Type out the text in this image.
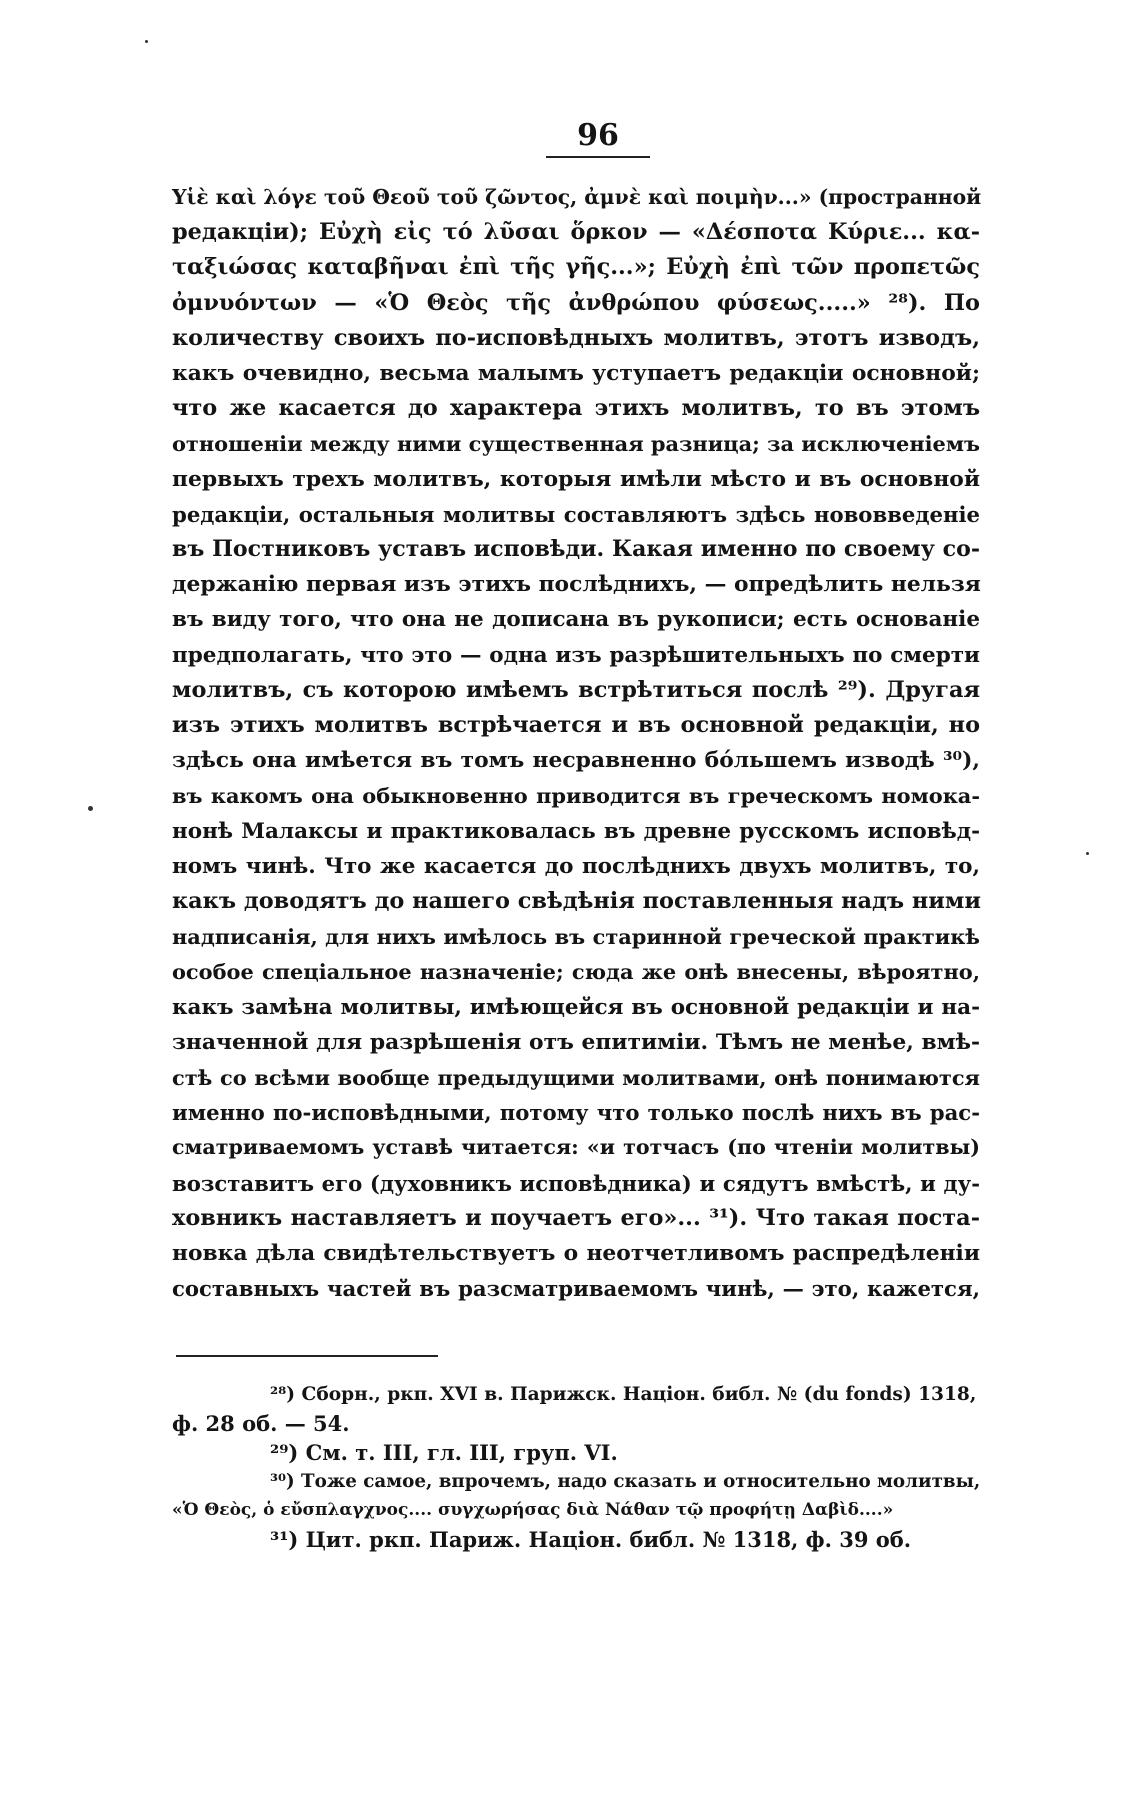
96
Υἱὲ καὶ λόγε τοῦ Θεοῦ τοῦ ζῶντος, ἀμνὲ καὶ ποιμὴν...» (пространной
редакціи); Εὐχὴ εἰς τό λῦσαι ὅρκον — «Δέσποτα Κύριε... κα-
ταξιώσας καταβῆναι ἐπὶ τῆς γῆς...»; Εὐχὴ ἐπὶ τῶν προπετῶς
ὀμνυόντων — «Ὁ Θεὸς τῆς ἀνθρώπου φύσεως.....» ²⁸). По
количеству своихъ по-исповѣдныхъ молитвъ, этотъ изводъ,
какъ очевидно, весьма малымъ уступаетъ редакціи основной;
что же касается до характера этихъ молитвъ, то въ этомъ
отношеніи между ними существенная разница; за исключеніемъ
первыхъ трехъ молитвъ, которыя имѣли мѣсто и въ основной
редакціи, остальныя молитвы составляютъ здѣсь нововведеніе
въ Постниковъ уставъ исповѣди. Какая именно по своему со-
держанію первая изъ этихъ послѣднихъ, — опредѣлить нельзя
въ виду того, что она не дописана въ рукописи; есть основаніе
предполагать, что это — одна изъ разрѣшительныхъ по смерти
молитвъ, съ которою имѣемъ встрѣтиться послѣ ²⁹). Другая
изъ этихъ молитвъ встрѣчается и въ основной редакціи, но
здѣсь она имѣется въ томъ несравненно бо́льшемъ изводѣ ³⁰),
въ какомъ она обыкновенно приводится въ греческомъ номока-
нонѣ Малаксы и практиковалась въ древне русскомъ исповѣд-
номъ чинѣ. Что же касается до послѣднихъ двухъ молитвъ, то,
какъ доводятъ до нашего свѣдѣнія поставленныя надъ ними
надписанія, для нихъ имѣлось въ старинной греческой практикѣ
особое спеціальное назначеніе; сюда же онѣ внесены, вѣроятно,
какъ замѣна молитвы, имѣющейся въ основной редакціи и на-
значенной для разрѣшенія отъ епитиміи. Тѣмъ не менѣе, вмѣ-
стѣ со всѣми вообще предыдущими молитвами, онѣ понимаются
именно по-исповѣдными, потому что только послѣ нихъ въ рас-
сматриваемомъ уставѣ читается: «и тотчасъ (по чтеніи молитвы)
возставитъ его (духовникъ исповѣдника) и сядутъ вмѣстѣ, и ду-
ховникъ наставляетъ и поучаетъ его»... ³¹). Что такая поста-
новка дѣла свидѣтельствуетъ о неотчетливомъ распредѣленіи
составныхъ частей въ разсматриваемомъ чинѣ, — это, кажется,
²⁸) Сборн., ркп. XVI в. Парижск. Націон. библ. № (du fonds) 1318,
ф. 28 об. — 54.
²⁹) См. т. III, гл. III, груп. VI.
³⁰) Тоже самое, впрочемъ, надо сказать и относительно молитвы,
«Ὁ Θεὸς, ὁ εὔσπλαγχνος.... συγχωρήσας διὰ Νάθαν τῷ προφήτῃ Δαβὶδ....»
³¹) Цит. ркп. Париж. Націон. библ. № 1318, ф. 39 об.
